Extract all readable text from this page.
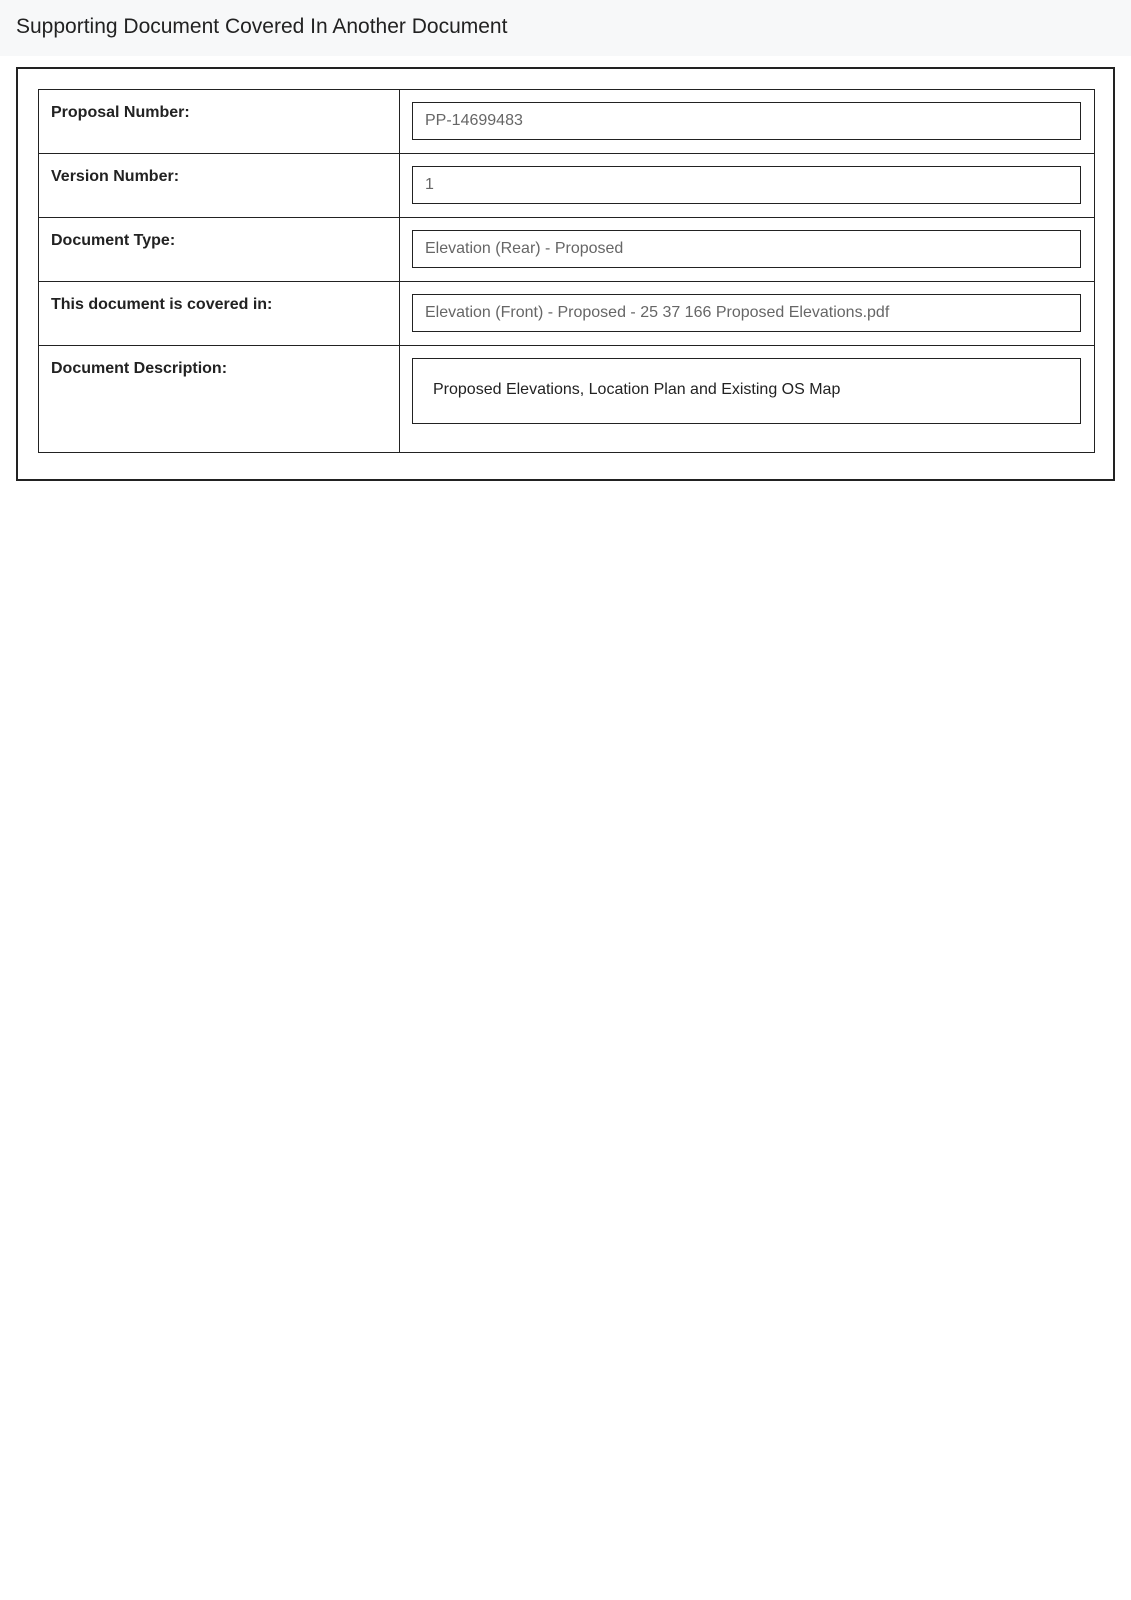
Supporting Document Covered In Another Document
Proposal Number:	PP-14699483

Version Number:	1

Document Type:	Elevation (Rear) - Proposed

This document is covered in:	Elevation (Front) - Proposed - 25 37 166 Proposed Elevations.pdf

Document Description:	Proposed Elevations, Location Plan and Existing OS Map
